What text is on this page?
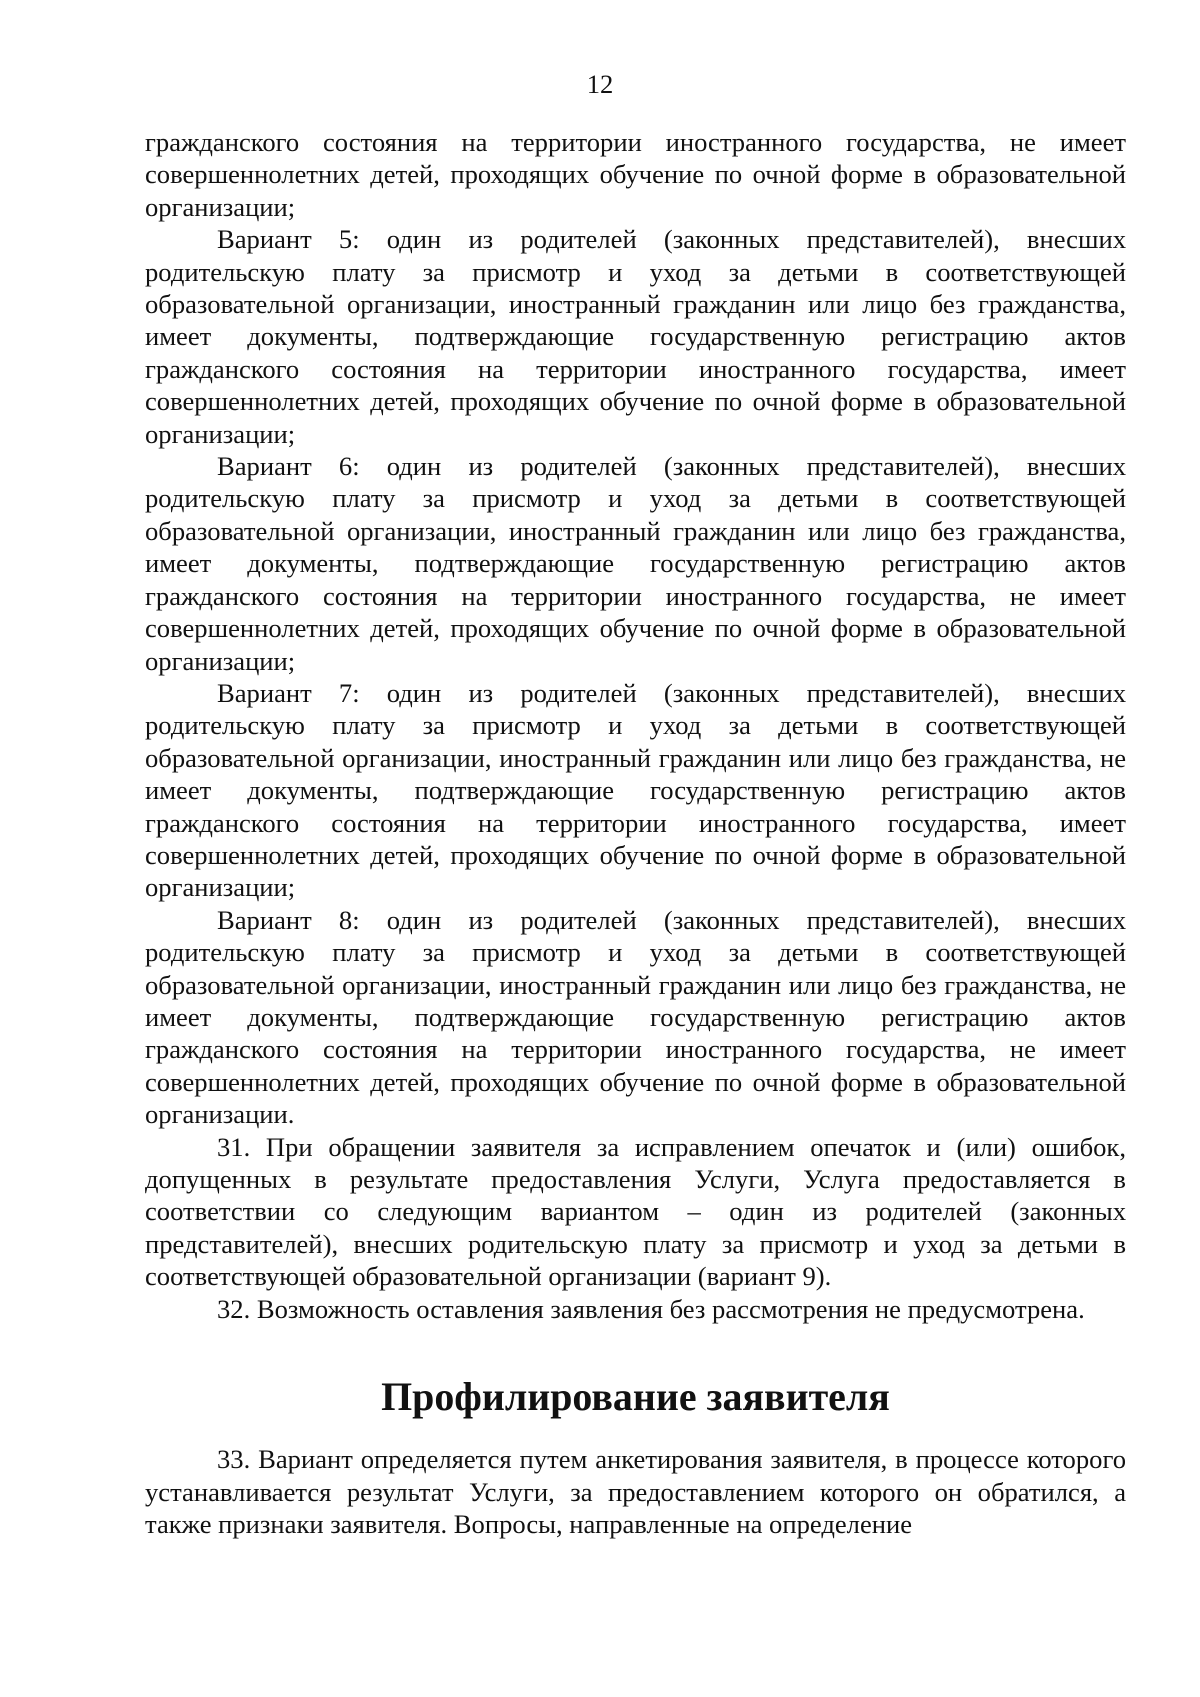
12

гражданского состояния на территории иностранного государства, не имеет совершеннолетних детей, проходящих обучение по очной форме в образовательной организации;

Вариант 5: один из родителей (законных представителей), внесших родительскую плату за присмотр и уход за детьми в соответствующей образовательной организации, иностранный гражданин или лицо без гражданства, имеет документы, подтверждающие государственную регистрацию актов гражданского состояния на территории иностранного государства, имеет совершеннолетних детей, проходящих обучение по очной форме в образовательной организации;

Вариант 6: один из родителей (законных представителей), внесших родительскую плату за присмотр и уход за детьми в соответствующей образовательной организации, иностранный гражданин или лицо без гражданства, имеет документы, подтверждающие государственную регистрацию актов гражданского состояния на территории иностранного государства, не имеет совершеннолетних детей, проходящих обучение по очной форме в образовательной организации;

Вариант 7: один из родителей (законных представителей), внесших родительскую плату за присмотр и уход за детьми в соответствующей образовательной организации, иностранный гражданин или лицо без гражданства, не имеет документы, подтверждающие государственную регистрацию актов гражданского состояния на территории иностранного государства, имеет совершеннолетних детей, проходящих обучение по очной форме в образовательной организации;

Вариант 8: один из родителей (законных представителей), внесших родительскую плату за присмотр и уход за детьми в соответствующей образовательной организации, иностранный гражданин или лицо без гражданства, не имеет документы, подтверждающие государственную регистрацию актов гражданского состояния на территории иностранного государства, не имеет совершеннолетних детей, проходящих обучение по очной форме в образовательной организации.

31. При обращении заявителя за исправлением опечаток и (или) ошибок, допущенных в результате предоставления Услуги, Услуга предоставляется в соответствии со следующим вариантом – один из родителей (законных представителей), внесших родительскую плату за присмотр и уход за детьми в соответствующей образовательной организации (вариант 9).

32. Возможность оставления заявления без рассмотрения не предусмотрена.

Профилирование заявителя

33. Вариант определяется путем анкетирования заявителя, в процессе которого устанавливается результат Услуги, за предоставлением которого он обратился, а также признаки заявителя. Вопросы, направленные на определение
